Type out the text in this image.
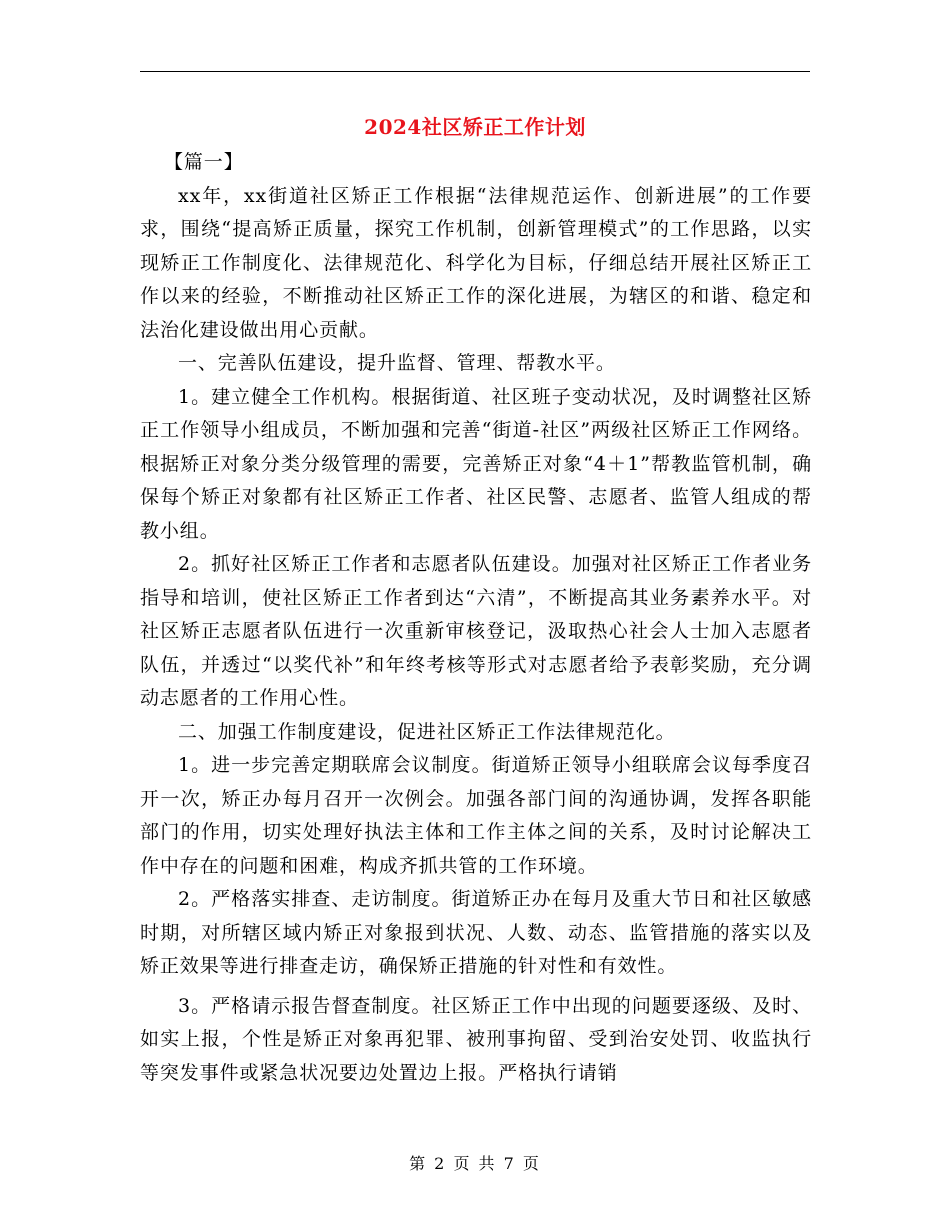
2024社区矫正工作计划

【篇一】

xx年，xx街道社区矫正工作根据“法律规范运作、创新进展”的工作要求，围绕“提高矫正质量，探究工作机制，创新管理模式”的工作思路，以实现矫正工作制度化、法律规范化、科学化为目标，仔细总结开展社区矫正工作以来的经验，不断推动社区矫正工作的深化进展，为辖区的和谐、稳定和法治化建设做出用心贡献。

一、完善队伍建设，提升监督、管理、帮教水平。

1。建立健全工作机构。根据街道、社区班子变动状况，及时调整社区矫正工作领导小组成员，不断加强和完善“街道-社区”两级社区矫正工作网络。根据矫正对象分类分级管理的需要，完善矫正对象“4＋1”帮教监管机制，确保每个矫正对象都有社区矫正工作者、社区民警、志愿者、监管人组成的帮教小组。

2。抓好社区矫正工作者和志愿者队伍建设。加强对社区矫正工作者业务指导和培训，使社区矫正工作者到达“六清”，不断提高其业务素养水平。对社区矫正志愿者队伍进行一次重新审核登记，汲取热心社会人士加入志愿者队伍，并透过“以奖代补”和年终考核等形式对志愿者给予表彰奖励，充分调动志愿者的工作用心性。

二、加强工作制度建设，促进社区矫正工作法律规范化。

1。进一步完善定期联席会议制度。街道矫正领导小组联席会议每季度召开一次，矫正办每月召开一次例会。加强各部门间的沟通协调，发挥各职能部门的作用，切实处理好执法主体和工作主体之间的关系，及时讨论解决工作中存在的问题和困难，构成齐抓共管的工作环境。

2。严格落实排查、走访制度。街道矫正办在每月及重大节日和社区敏感时期，对所辖区域内矫正对象报到状况、人数、动态、监管措施的落实以及矫正效果等进行排查走访，确保矫正措施的针对性和有效性。

3。严格请示报告督查制度。社区矫正工作中出现的问题要逐级、及时、如实上报，个性是矫正对象再犯罪、被刑事拘留、受到治安处罚、收监执行等突发事件或紧急状况要边处置边上报。严格执行请销

第 2 页 共 7 页
